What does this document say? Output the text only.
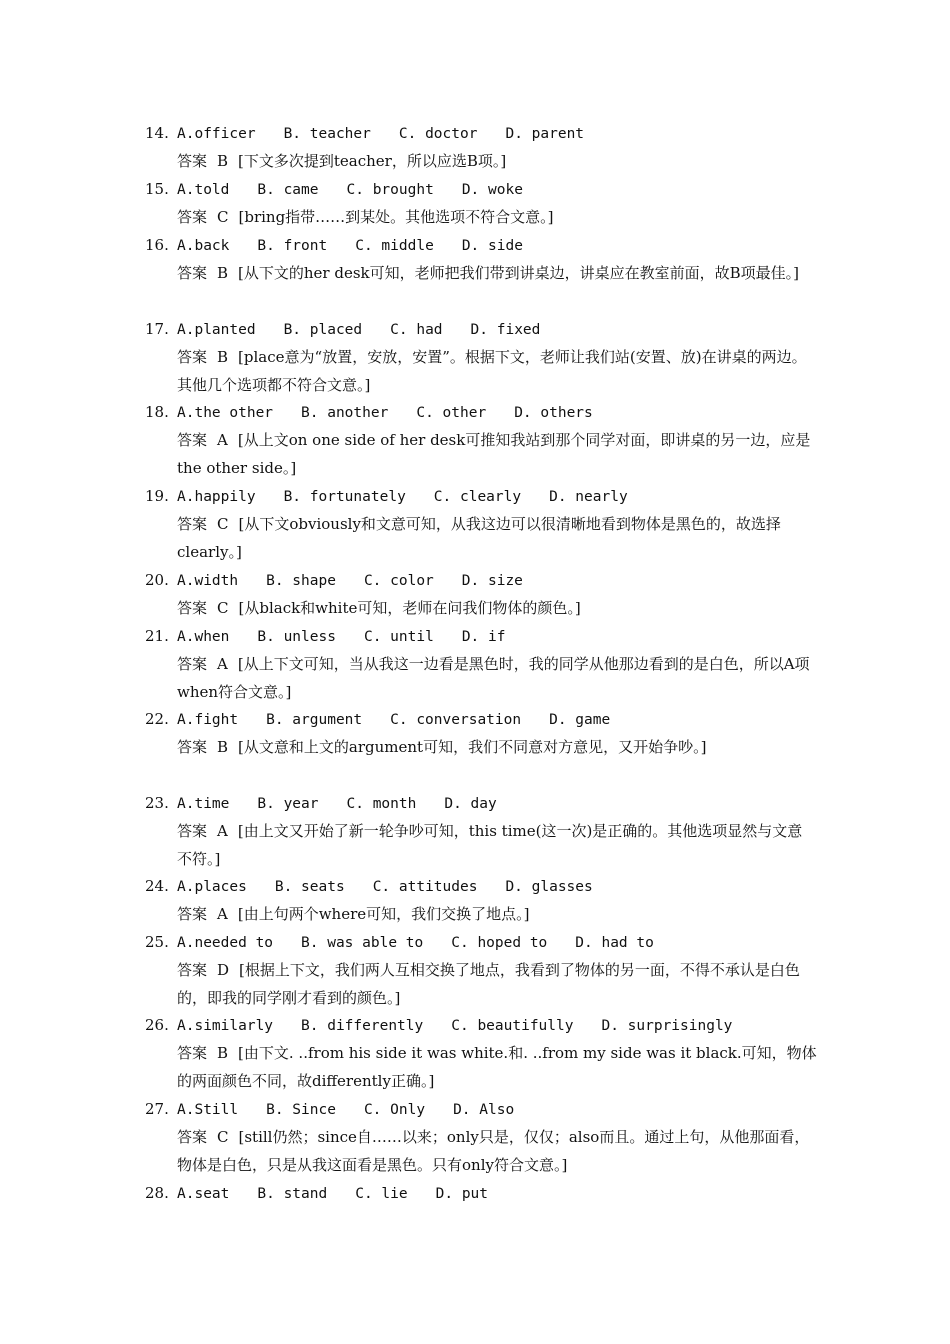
14. A.officer B. teacher C. doctor D. parent
答案 B [下文多次提到teacher，所以应选B项。]
15. A.told B. came C. brought D. woke
答案 C [bring指带……到某处。其他选项不符合文意。]
16. A.back B. front C. middle D. side
答案 B [从下文的her desk可知，老师把我们带到讲桌边，讲桌应在教室前面，故B项最佳。]
17. A.planted B. placed C. had D. fixed
答案 B [place意为“放置，安放，安置”。根据下文，老师让我们站(安置、放)在讲桌的两边。其他几个选项都不符合文意。]
18. A.the other B. another C. other D. others
答案 A [从上文on one side of her desk可推知我站到那个同学对面，即讲桌的另一边，应是the other side。]
19. A.happily B. fortunately C. clearly D. nearly
答案 C [从下文obviously和文意可知，从我这边可以很清晰地看到物体是黑色的，故选择clearly。]
20. A.width B. shape C. color D. size
答案 C [从black和white可知，老师在问我们物体的颜色。]
21. A.when B. unless C. until D. if
答案 A [从上下文可知，当从我这一边看是黑色时，我的同学从他那边看到的是白色，所以A项 when符合文意。]
22. A.fight B. argument C. conversation D. game
答案 B [从文意和上文的argument可知，我们不同意对方意见，又开始争吵。]
23. A.time B. year C. month D. day
答案 A [由上文又开始了新一轮争吵可知，this time(这一次)是正确的。其他选项显然与文意不符。]
24. A.places B. seats C. attitudes D. glasses
答案 A [由上句两个where可知，我们交换了地点。]
25. A.needed to B. was able to C. hoped to D. had to
答案 D [根据上下文，我们两人互相交换了地点，我看到了物体的另一面，不得不承认是白色的，即我的同学刚才看到的颜色。]
26. A.similarly B. differently C. beautifully D. surprisingly
答案 B [由下文. ..from his side it was white.和. ..from my side was it black.可知，物体的两面颜色不同，故differently正确。]
27. A.Still B. Since C. Only D. Also
答案 C [still仍然；since自……以来；only只是，仅仅；also而且。通过上句，从他那面看，物体是白色，只是从我这面看是黑色。只有only符合文意。]
28. A.seat B. stand C. lie D. put
